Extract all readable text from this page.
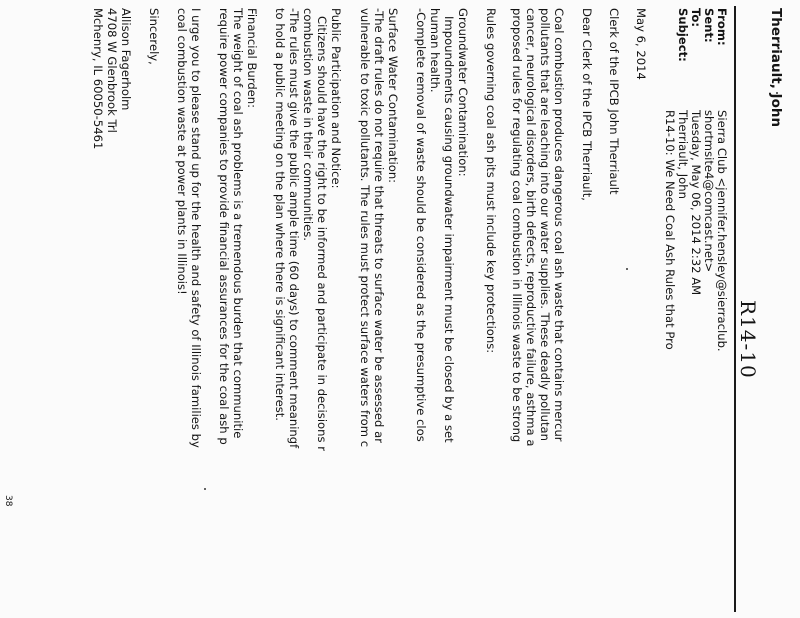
Therriault, John
R14-10
From:
Sent:
To:
Subject:
Sierra Club <jennifer.hensley@sierraclub.
shortmsite4@comcast.net>
Tuesday, May 06, 2014 2:32 AM
Therriault, John
R14-10: We Need Coal Ash Rules that Pro
May 6, 2014
Clerk of the IPCB John Therriault
Dear Clerk of the IPCB Therriault,
Coal combustion produces dangerous coal ash waste that contains mercur
pollutants that are leaching into our water supplies. These deadly pollutan
cancer, neurological disorders, birth defects, reproductive failure, asthma a
proposed rules for regulating coal combustion in Illinois waste to be strong
Rules governing coal ash pits must include key protections:
Groundwater Contamination:
Impoundments causing groundwater impairment must be closed by a set
human health.
-Complete removal of waste should be considered as the presumptive clos
Surface Water Contamination:
-The draft rules do not require that threats to surface water be assessed ar
vulnerable to toxic pollutants. The rules must protect surface waters from c
Public Participation and Notice:
Citizens should have the right to be informed and participate in decisions r
combustion waste in their communities.
-The rules must give the public ample time (60 days) to comment meaningf
to hold a public meeting on the plan where there is significant interest.
Financial Burden:
The weight of coal ash problems is a tremendous burden that communitie
require power companies to provide financial assurances for the coal ash p
I urge you to please stand up for the health and safety of Illinois families by
coal combustion waste at power plants in Illinois!
Sincerely,
Allison Fagerholm
4708 W Glenbrook Trl
Mchenry, IL 60050-5461
38
